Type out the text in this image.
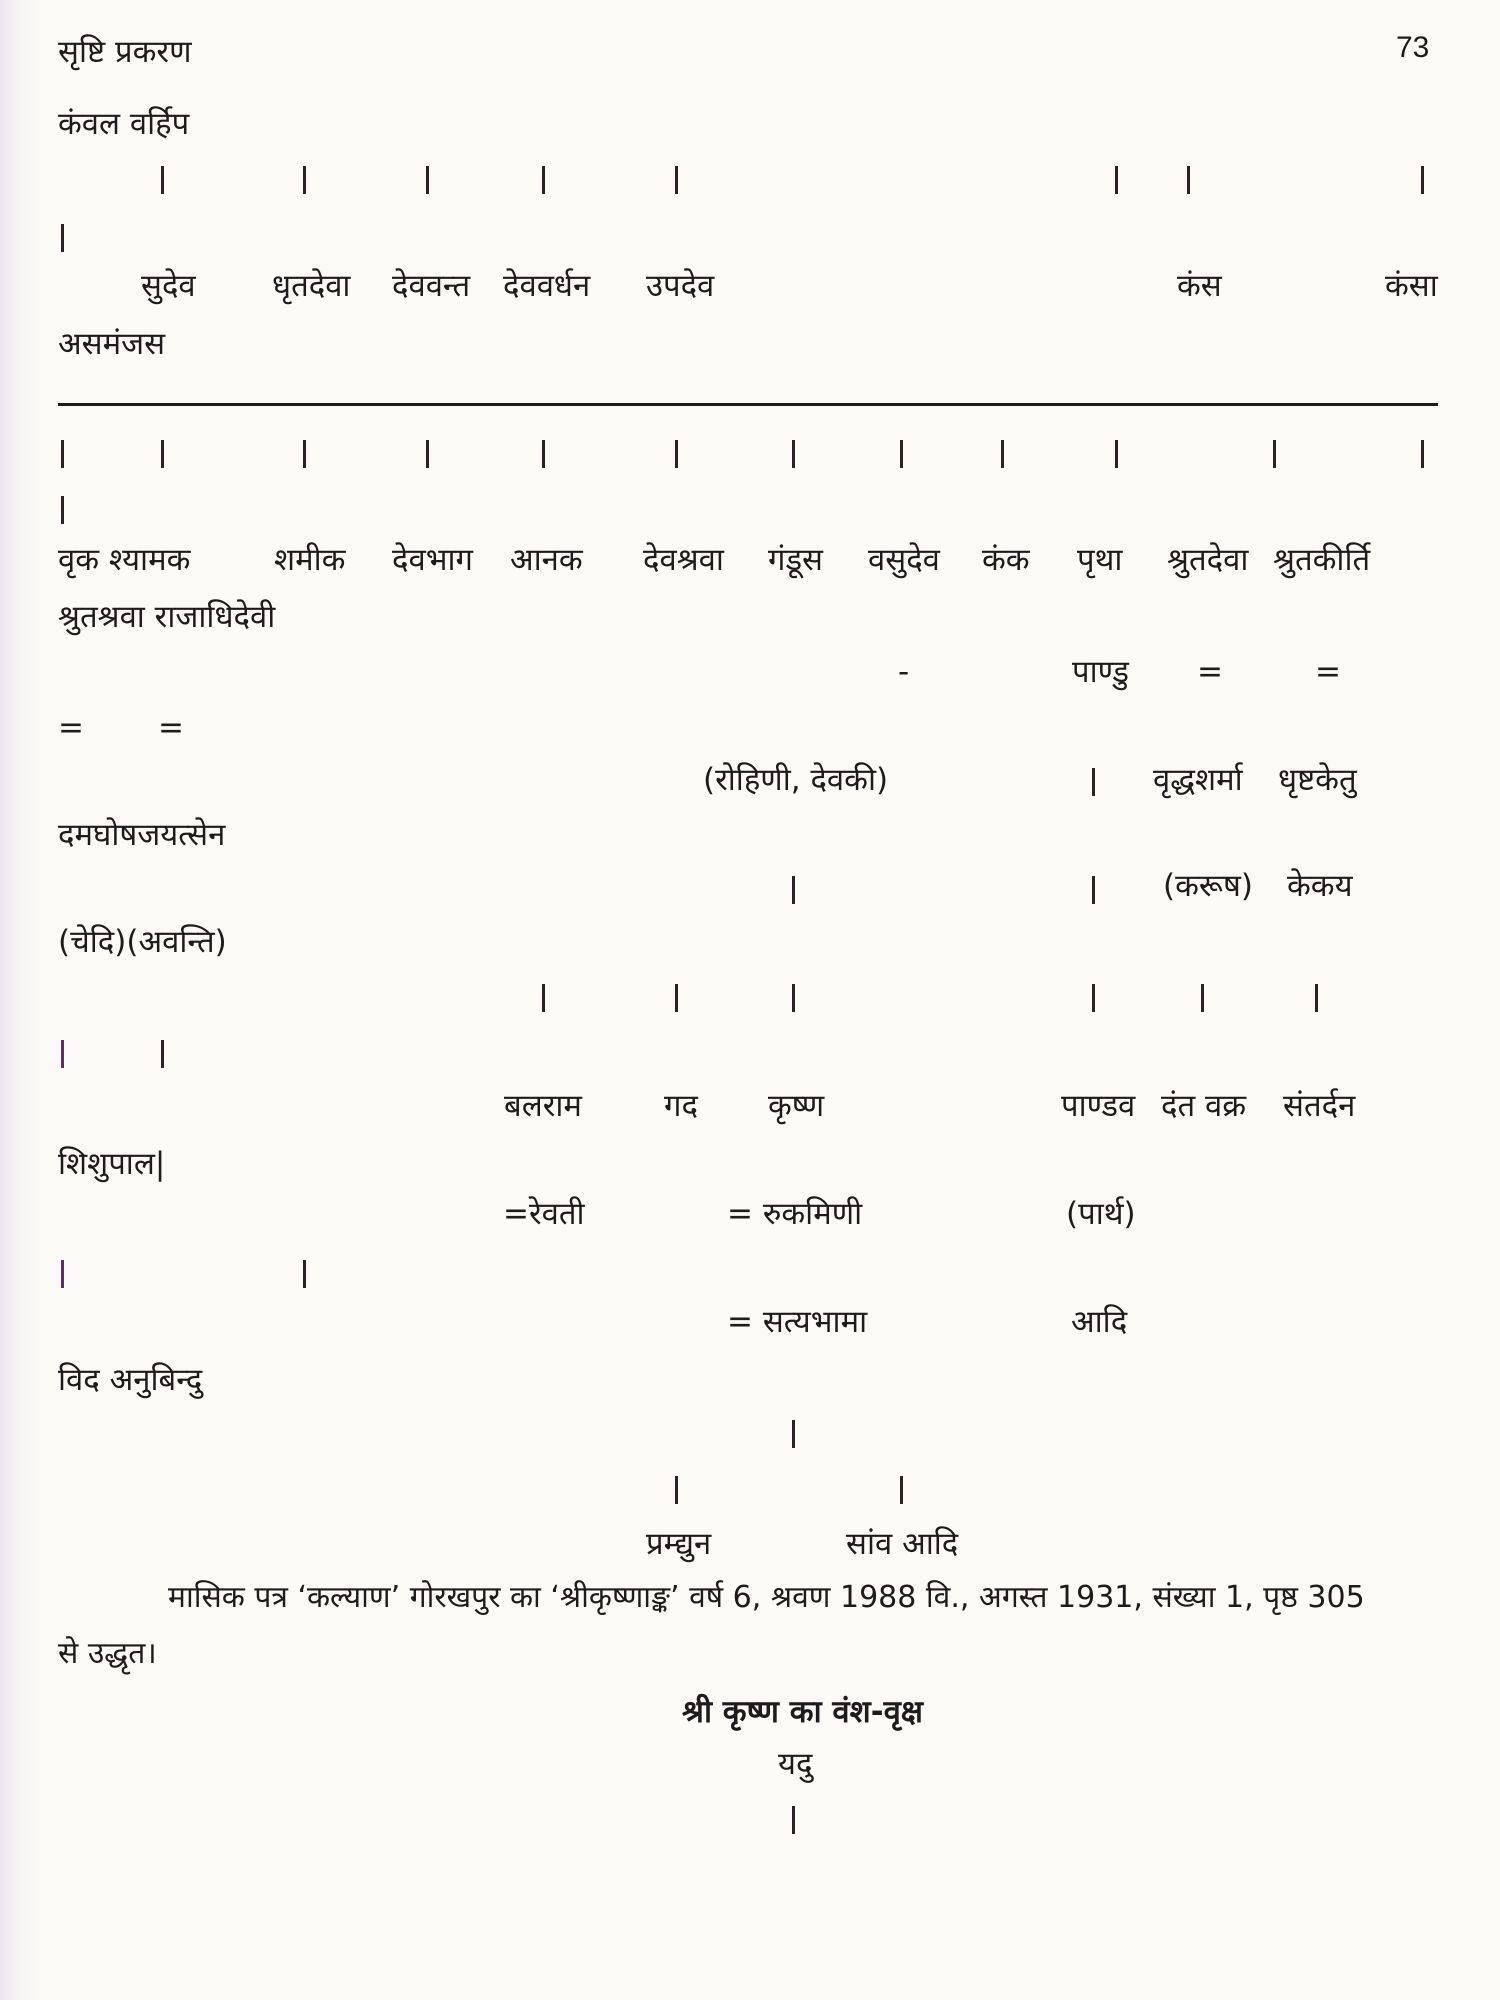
सृष्टि प्रकरण	73
कंवल वर्हिप
सुदेव धृतदेवा देववन्त देववर्धन उपदेव	कंस	कंसा
असमंजस
वृक श्यामक	शमीक देवभाग आनक देवश्रवा गंडूस वसुदेव कंक पृथा श्रुतदेवा श्रुतकीर्ति
श्रुतश्रवा राजाधिदेवी
-	पाण्डु =	=
= =
(रोहिणी, देवकी)	वृद्धशर्मा धृष्टकेतु
दमघोषजयत्सेन
(करूष) केकय
(चेदि)(अवन्ति)
बलराम	गद कृष्ण	पाण्डव दंत वक्र संतर्दन
शिशुपाल|
=रेवती	= रुकमिणी	(पार्थ)
= सत्यभामा	आदि
विद अनुबिन्दु
प्रम्द्युन	सांव आदि
मासिक पत्र ‘कल्याण’ गोरखपुर का ‘श्रीकृष्णाङ्क’ वर्ष 6, श्रवण 1988 वि., अगस्त 1931, संख्या 1, पृष्ठ 305
से उद्धृत।
श्री कृष्ण का वंश-वृक्ष
यदु
